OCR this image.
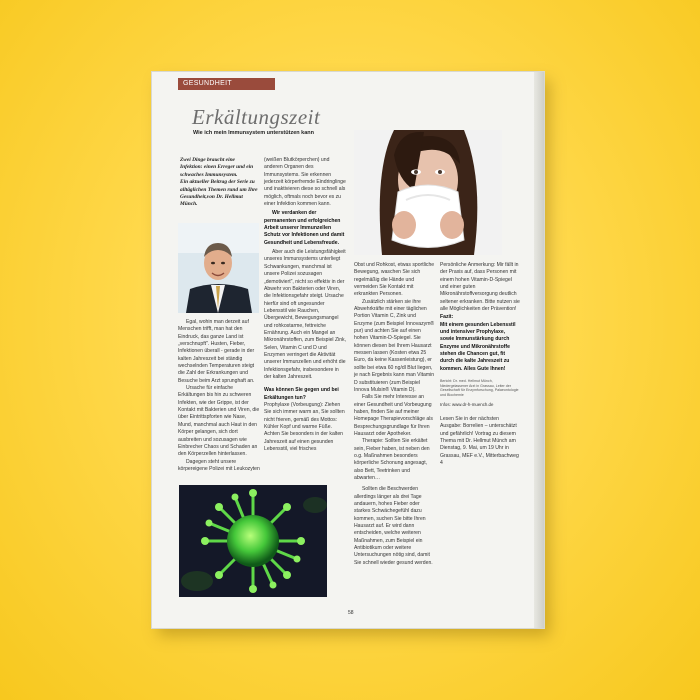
GESUNDHEIT
Erkältungszeit
Wie ich mein Immunsystem unterstützen kann

Zwei Dinge braucht eine Infektion: einen Erreger und ein schwaches Immunsystem.

Ein aktueller Beitrag der Serie zu alltäglichen Themen rund um Ihre Gesundheit,von Dr. Hellmut Münch.

Egal, wohin man derzeit auf Menschen trifft, man hat den Eindruck, das ganze Land ist „verschnupft". Husten, Fieber, Infektionen überall - gerade in der kalten Jahreszeit bei ständig wechselnden Temperaturen steigt die Zahl der Erkrankungen und Besuche beim Arzt sprunghaft an.

Ursache für einfache Erkältungen bis hin zu schweren Infekten, wie der Grippe, ist der Kontakt mit Bakterien und Viren, die über Eintrittspforten wie Nase, Mund, manchmal auch Haut in den Körper gelangen, sich dort ausbreiten und sozusagen wie Einbrecher Chaos und Schaden an den Körperzellen hinterlassen.

Dagegen steht unsere körpereigene Polizei mit Leukozyten

(weißen Blutkörperchen) und anderen Organen des Immunsystems. Sie erkennen jederzeit körperfremde Eindringlinge und inaktivieren diese so schnell als möglich, oftmals noch bevor es zu einer Infektion kommen kann.

Wir verdanken der permanenten und erfolgreichen Arbeit unserer Immunzellen Schutz vor Infektionen und damit Gesundheit und Lebensfreude.

Aber auch die Leistungsfähigkeit unseres Immunsystems unterliegt Schwankungen, manchmal ist unsere Polizei sozusagen „demotiviert", nicht so effektiv in der Abwehr von Bakterien oder Viren, die Infektionsgefahr steigt. Ursache hierfür sind oft ungesunder Lebensstil wie Rauchen, Übergewicht, Bewegungsmangel und rohkostarme, fettreiche Ernährung. Auch ein Mangel an Mikronährstoffen, zum Beispiel Zink, Selen, Vitamin C und D und Enzymen verringert die Aktivität unserer Immunzellen und erhöht die Infektionsgefahr, insbesondere in der kalten Jahreszeit.

Was können Sie gegen und bei Erkältungen tun?

Prophylaxe (Vorbeugung): Ziehen Sie sich immer warm an, Sie sollten nicht frieren, gemäß des Mottos: Kühler Kopf und warme Füße. Achten Sie besonders in der kalten Jahreszeit auf einen gesunden Lebensstil, viel frisches

Obst und Rohkost, etwas sportliche Bewegung, waschen Sie sich regelmäßig die Hände und vermeiden Sie Kontakt mit erkrankten Personen.

Zusätzlich stärken sie ihre Abwehrkräfte mit einer täglichen Portion Vitamin C, Zink und Enzyme (zum Beispiel Innovazym® pur) und achten Sie auf einen hohen Vitamin-D-Spiegel. Sie können diesen bei Ihrem Hausarzt messen lassen (Kosten etwa 25 Euro, da keine Kassenleistung), er sollte bei etwa 60 ng/dl Blut liegen, je nach Ergebnis kann man Vitamin D substituieren (zum Beispiel Innova Mulsin® Vitamin D).

Falls Sie mehr Interesse an einer Gesundheit und Vorbeugung haben, finden Sie auf meiner Homepage Therapievorschläge als Besprechungsgrundlage für Ihren Hausarzt oder Apotheker.

Therapie: Sollten Sie erkältet sein, Fieber haben, ist neben den o.g. Maßnahmen besonders körperliche Schonung angesagt, also Bett, Teetrinken und abwarten…

Sollten die Beschwerden allerdings länger als drei Tage andauern, hohes Fieber oder starkes Schwächegefühl dazu kommen, suchen Sie bitte Ihren Hausarzt auf. Er wird dann entscheiden, welche weiteren Maßnahmen, zum Beispiel ein Antibiotikum oder weitere Untersuchungen nötig sind, damit Sie schnell wieder gesund werden.

Persönliche Anmerkung: Mir fällt in der Praxis auf, dass Personen mit einem hohen Vitamin-D-Spiegel und einer guten Mikronährstoffversorgung deutlich seltener erkranken. Bitte nutzen sie alle Möglichkeiten der Prävention!

Fazit:

Mit einem gesunden Lebensstil und intensiver Prophylaxe, sowie Immunstärkung durch Enzyme und Mikronährstoffe stehen die Chancen gut, fit durch die kalte Jahreszeit zu kommen. Alles Gute Ihnen!

Bericht: Dr. med. Hellmut Münch, Niedergelassener Arzt in Grassau, Leiter der Gesellschaft für Enzymforschung, Palaeontologie und Biochemie

Infos: www.dr-h-muench.de

Lesen Sie in der nächsten Ausgabe: Borrelien – unterschätzt und gefährlich! Vortrag zu diesem Thema mit Dr. Hellmut Münch am Dienstag, 9. Mai, um 19 Uhr in Grassau, MEF e.V., Mitterbachweg 4

58
